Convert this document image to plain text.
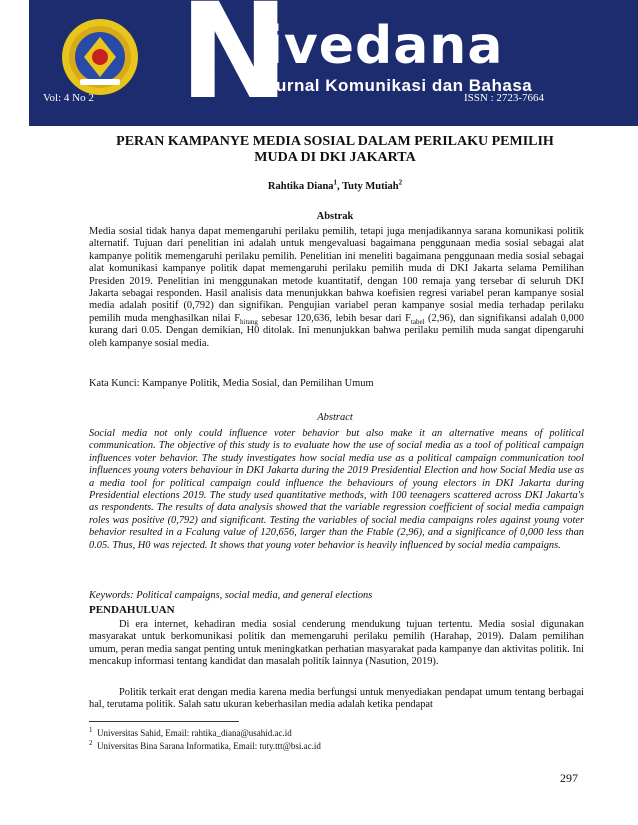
N
ivedana
Jurnal Komunikasi dan Bahasa
Vol: 4 No 2	ISSN : 2723-7664
PERAN KAMPANYE MEDIA SOSIAL DALAM PERILAKU PEMILIH
MUDA DI DKI JAKARTA
Rahtika Diana$^1$, Tuty Mutiah$^2$
Abstrak
Media sosial tidak hanya dapat memengaruhi perilaku pemilih, tetapi juga menjadikannya sarana komunikasi politik alternatif. Tujuan dari penelitian ini adalah untuk mengevaluasi bagaimana penggunaan media sosial sebagai alat kampanye politik memengaruhi perilaku pemilih. Penelitian ini meneliti bagaimana penggunaan media sosial sebagai alat komunikasi kampanye politik dapat memengaruhi perilaku pemilih muda di DKI Jakarta selama Pemilihan Presiden 2019. Penelitian ini menggunakan metode kuantitatif, dengan 100 remaja yang tersebar di seluruh DKI Jakarta sebagai responden. Hasil analisis data menunjukkan bahwa koefisien regresi variabel peran kampanye sosial media adalah positif (0,792) dan signifikan. Pengujian variabel peran kampanye sosial media terhadap perilaku pemilih muda menghasilkan nilai $F_{hitung}$ sebesar 120,636, lebih besar dari $F_{tabel}$ (2,96), dan signifikansi adalah 0,000 kurang dari 0.05. Dengan demikian, H0 ditolak. Ini menunjukkan bahwa perilaku pemilih muda sangat dipengaruhi oleh kampanye sosial media.
Kata Kunci: Kampanye Politik, Media Sosial, dan Pemilihan Umum
Abstract
Social media not only could influence voter behavior but also make it an alternative means of political communication. The objective of this study is to evaluate how the use of social media as a tool of political campaign influences voter behavior. The study investigates how social media use as a political campaign communication tool influences young voters behaviour in DKI Jakarta during the 2019 Presidential Election and how Social Media use as a media tool for political campaign could influence the behaviours of young electors in DKI Jakarta during Presidential elections 2019. The study used quantitative methods, with 100 teenagers scattered across DKI Jakarta's as respondents. The results of data analysis showed that the variable regression coefficient of social media campaign roles was positive (0,792) and significant. Testing the variables of social media campaigns roles against young voter behavior resulted in a Fcalung value of 120,656, larger than the Ftable (2,96), and a significance of 0,000 less than 0.05. Thus, H0 was rejected. It shows that young voter behavior is heavily influenced by social media campaigns.
Keywords: Political campaigns, social media, and general elections
PENDAHULUAN
Di era internet, kehadiran media sosial cenderung mendukung tujuan tertentu. Media sosial digunakan masyarakat untuk berkomunikasi politik dan memengaruhi perilaku pemilih (Harahap, 2019). Dalam pemilihan umum, peran media sangat penting untuk meningkatkan perhatian masyarakat pada kampanye dan aktivitas politik. Ini mencakup informasi tentang kandidat dan masalah politik lainnya (Nasution, 2019).
Politik terkait erat dengan media karena media berfungsi untuk menyediakan pendapat umum tentang berbagai hal, terutama politik. Salah satu ukuran keberhasilan media adalah ketika pendapat
$^1$ Universitas Sahid, Email: rahtika_diana@usahid.ac.id
$^2$ Universitas Bina Sarana Informatika, Email: tuty.ttt@bsi.ac.id
297
